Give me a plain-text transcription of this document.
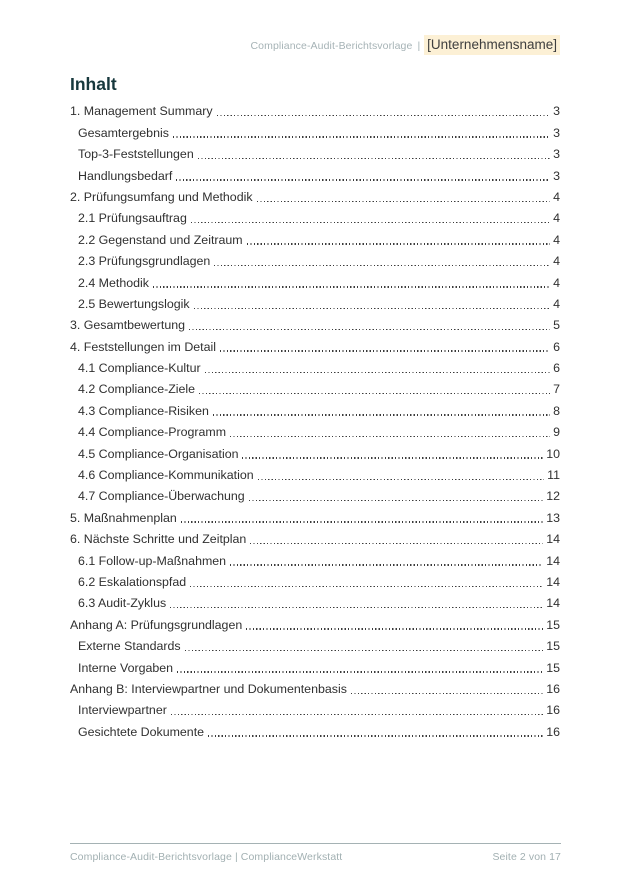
Compliance-Audit-Berichtsvorlage | [Unternehmensname]
Inhalt
1. Management Summary	3
Gesamtergebnis	3
Top-3-Feststellungen	3
Handlungsbedarf	3
2. Prüfungsumfang und Methodik	4
2.1 Prüfungsauftrag	4
2.2 Gegenstand und Zeitraum	4
2.3 Prüfungsgrundlagen	4
2.4 Methodik	4
2.5 Bewertungslogik	4
3. Gesamtbewertung	5
4. Feststellungen im Detail	6
4.1 Compliance-Kultur	6
4.2 Compliance-Ziele	7
4.3 Compliance-Risiken	8
4.4 Compliance-Programm	9
4.5 Compliance-Organisation	10
4.6 Compliance-Kommunikation	11
4.7 Compliance-Überwachung	12
5. Maßnahmenplan	13
6. Nächste Schritte und Zeitplan	14
6.1 Follow-up-Maßnahmen	14
6.2 Eskalationspfad	14
6.3 Audit-Zyklus	14
Anhang A: Prüfungsgrundlagen	15
Externe Standards	15
Interne Vorgaben	15
Anhang B: Interviewpartner und Dokumentenbasis	16
Interviewpartner	16
Gesichtete Dokumente	16
Compliance-Audit-Berichtsvorlage | ComplianceWerkstatt	Seite 2 von 17
